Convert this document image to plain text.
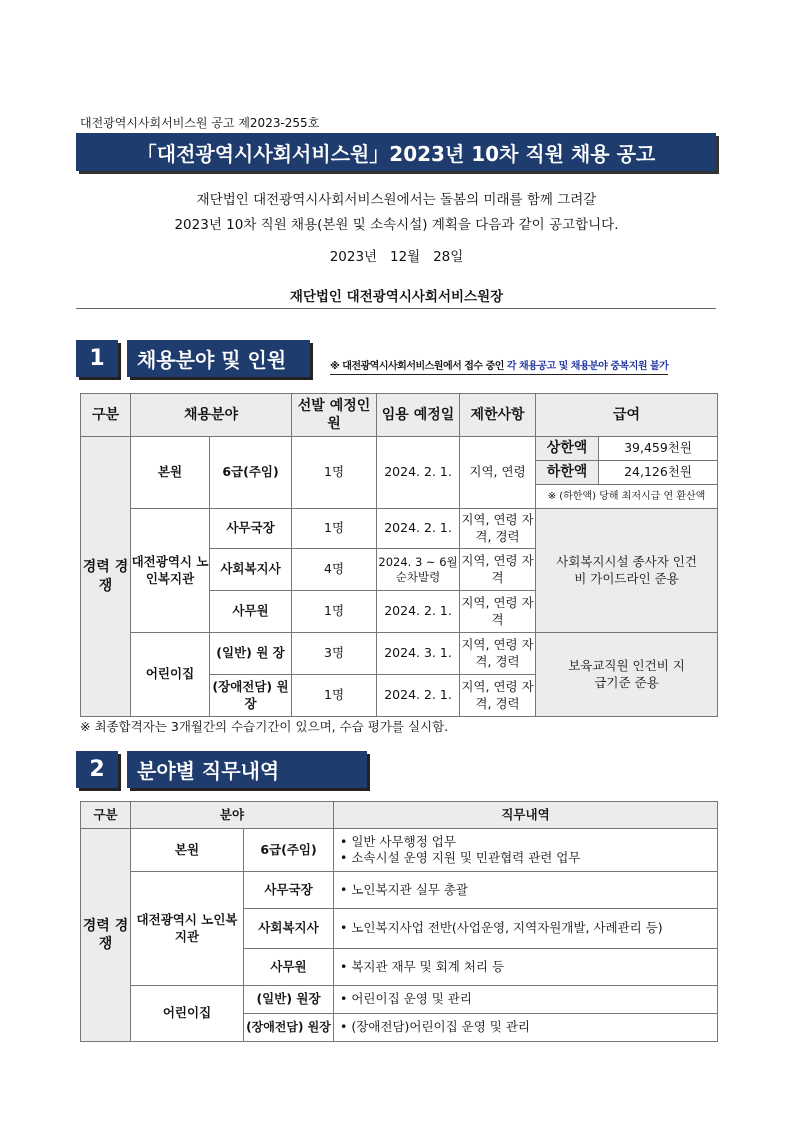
대전광역시사회서비스원 공고 제2023-255호
「대전광역시사회서비스원」2023년 10차 직원 채용 공고
재단법인 대전광역시사회서비스원에서는 돌봄의 미래를 함께 그려갈
2023년 10차 직원 채용(본원 및 소속시설) 계획을 다음과 같이 공고합니다.
2023년   12월   28일
재단법인 대전광역시사회서비스원장
1	채용분야 및 인원	※ 대전광역시사회서비스원에서 접수 중인 각 채용공고 및 채용분야 중복지원 불가
구분	채용분야		선발 예정인원	임용 예정일	제한사항	급여	
경력 경쟁	본원	6급(주임)	1명	2024. 2. 1.	지역, 연령	상한액	39,459천원
						하한액	24,126천원
						※ (하한액) 당해 최저시급 연 환산액	
	대전광역시 노인복지관	사무국장	1명	2024. 2. 1.	지역, 연령 자격, 경력	사회복지시설 종사자 인건비 가이드라인 준용	
		사회복지사	4명	2024. 3 ~ 6월 순차발령	지역, 연령 자격		
		사무원	1명	2024. 2. 1.	지역, 연령 자격		
	어린이집	(일반) 원 장	3명	2024. 3. 1.	지역, 연령 자격, 경력	보육교직원 인건비 지급기준 준용	
		(장애전담) 원장	1명	2024. 2. 1.	지역, 연령 자격, 경력		
※ 최종합격자는 3개월간의 수습기간이 있으며, 수습 평가를 실시함.
2	분야별 직무내역
구분	분야		직무내역
경력 경쟁	본원	6급(주임)	• 일반 사무행정 업무
• 소속시설 운영 지원 및 민관협력 관련 업무

	대전광역시 노인복지관	사무국장	• 노인복지관 실무 총괄
		사회복지사	• 노인복지사업 전반(사업운영, 지역자원개발, 사례관리 등)
		사무원	• 복지관 재무 및 회계 처리 등
	어린이집	(일반) 원장	• 어린이집 운영 및 관리
		(장애전담) 원장	• (장애전담)어린이집 운영 및 관리
